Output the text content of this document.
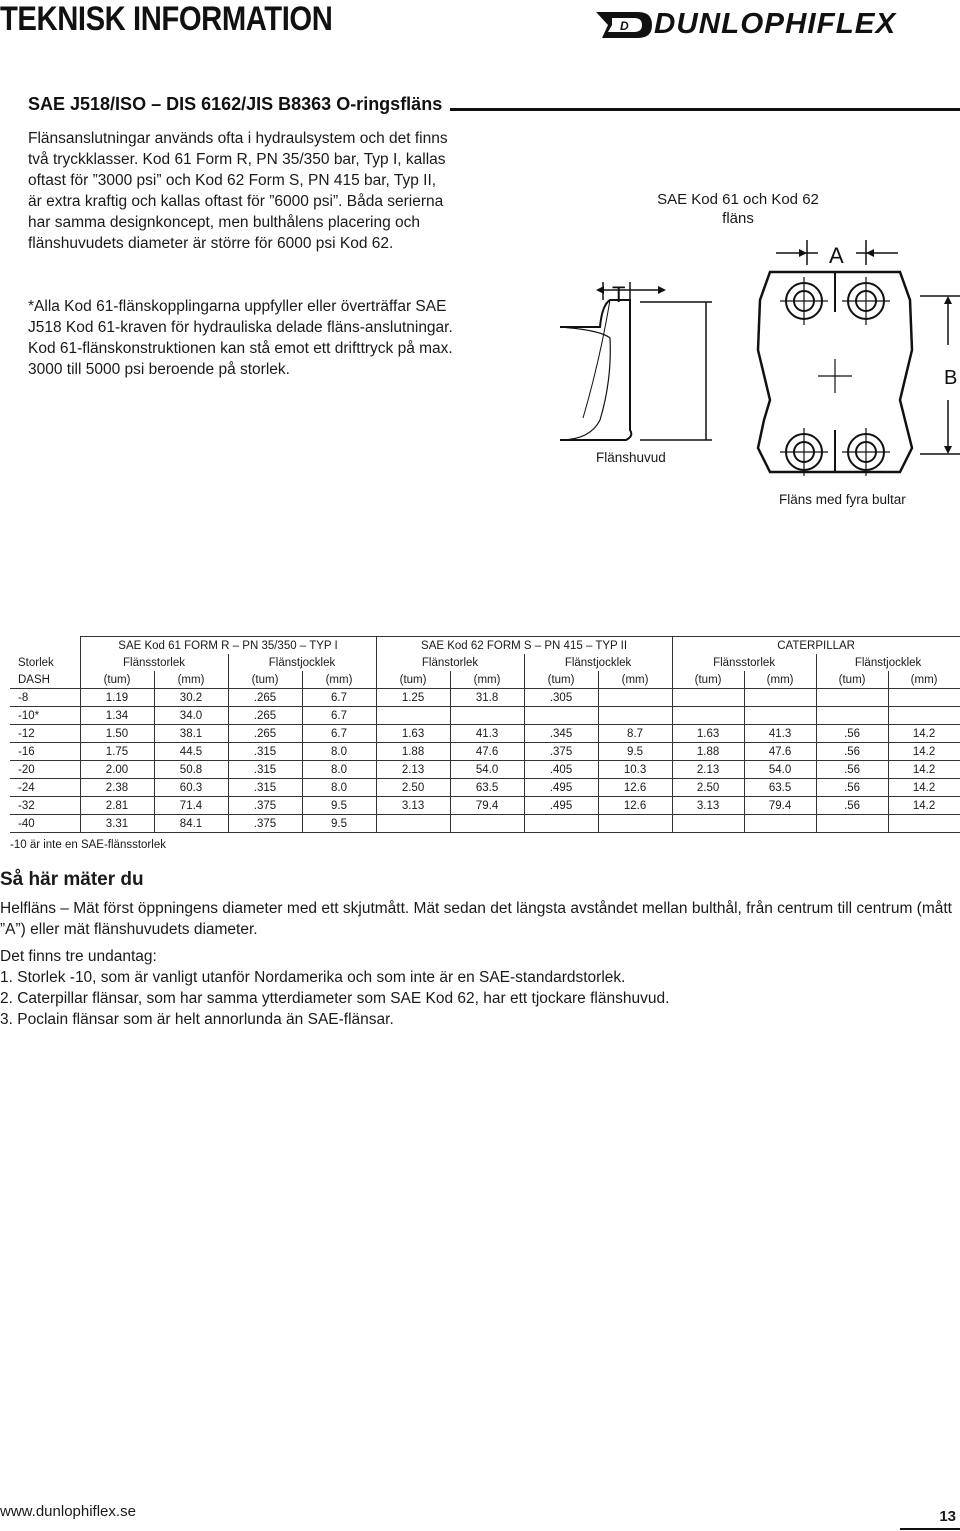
TEKNISK INFORMATION	D DUNLOPHIFLEX
SAE J518/ISO – DIS 6162/JIS B8363 O-ringsfläns
Flänsanslutningar används ofta i hydraulsystem och det finns två tryckklasser. Kod 61 Form R, PN 35/350 bar, Typ I, kallas oftast för ”3000 psi” och Kod 62 Form S, PN 415 bar, Typ II, är extra kraftig och kallas oftast för ”6000 psi”. Båda serierna har samma designkoncept, men bulthålens placering och flänshuvudets diameter är större för 6000 psi Kod 62.
*Alla Kod 61-flänskopplingarna uppfyller eller överträffar SAE J518 Kod 61-kraven för hydrauliska delade fläns-anslutningar. Kod 61-flänskonstruktionen kan stå emot ett drifttryck på max. 3000 till 5000 psi beroende på storlek.
SAE Kod 61 och Kod 62
fläns
A
B
T
Flänshuvud
Fläns med fyra bultar
	SAE Kod 61 FORM R – PN 35/350 – TYP I				SAE Kod 62 FORM S – PN 415 – TYP II				CATERPILLAR			
Storlek	Flänsstorlek		Flänstjocklek		Flänstorlek		Flänstjocklek		Flänsstorlek		Flänstjocklek	
DASH	(tum)	(mm)	(tum)	(mm)	(tum)	(mm)	(tum)	(mm)	(tum)	(mm)	(tum)	(mm)
-8	1.19	30.2	.265	6.7	1.25	31.8	.305					
-10*	1.34	34.0	.265	6.7								
-12	1.50	38.1	.265	6.7	1.63	41.3	.345	8.7	1.63	41.3	.56	14.2
-16	1.75	44.5	.315	8.0	1.88	47.6	.375	9.5	1.88	47.6	.56	14.2
-20	2.00	50.8	.315	8.0	2.13	54.0	.405	10.3	2.13	54.0	.56	14.2
-24	2.38	60.3	.315	8.0	2.50	63.5	.495	12.6	2.50	63.5	.56	14.2
-32	2.81	71.4	.375	9.5	3.13	79.4	.495	12.6	3.13	79.4	.56	14.2
-40	3.31	84.1	.375	9.5								
-10 är inte en SAE-flänsstorlek
Så här mäter du

Helfläns – Mät först öppningens diameter med ett skjutmått. Mät sedan det längsta avståndet mellan bulthål, från centrum till centrum (mått ”A”) eller mät flänshuvudets diameter.

Det finns tre undantag:

1. Storlek -10, som är vanligt utanför Nordamerika och som inte är en SAE-standardstorlek.

2. Caterpillar flänsar, som har samma ytterdiameter som SAE Kod 62, har ett tjockare flänshuvud.

3. Poclain flänsar som är helt annorlunda än SAE-flänsar.

www.dunlophiflex.se	13
